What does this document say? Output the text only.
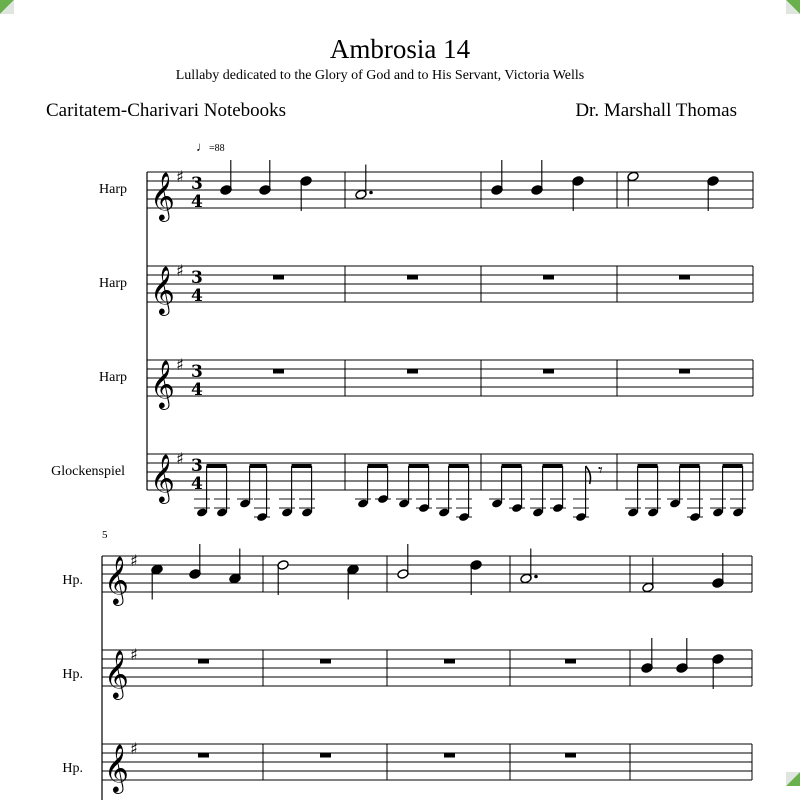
Ambrosia 14
Lullaby dedicated to the Glory of God and to His Servant, Victoria Wells
Caritatem-Charivari Notebooks	Dr. Marshall Thomas
♩=88
5
Harp
Harp
Harp
Glockenspiel
Hp.
Hp.
Hp.
𝄞 ♯ 3
4
𝄞 ♯ 3
4
𝄞 ♯ 3
4
𝄞 ♯ 3
4
𝄾
𝄞 ♯
𝄞 ♯
𝄞 ♯
